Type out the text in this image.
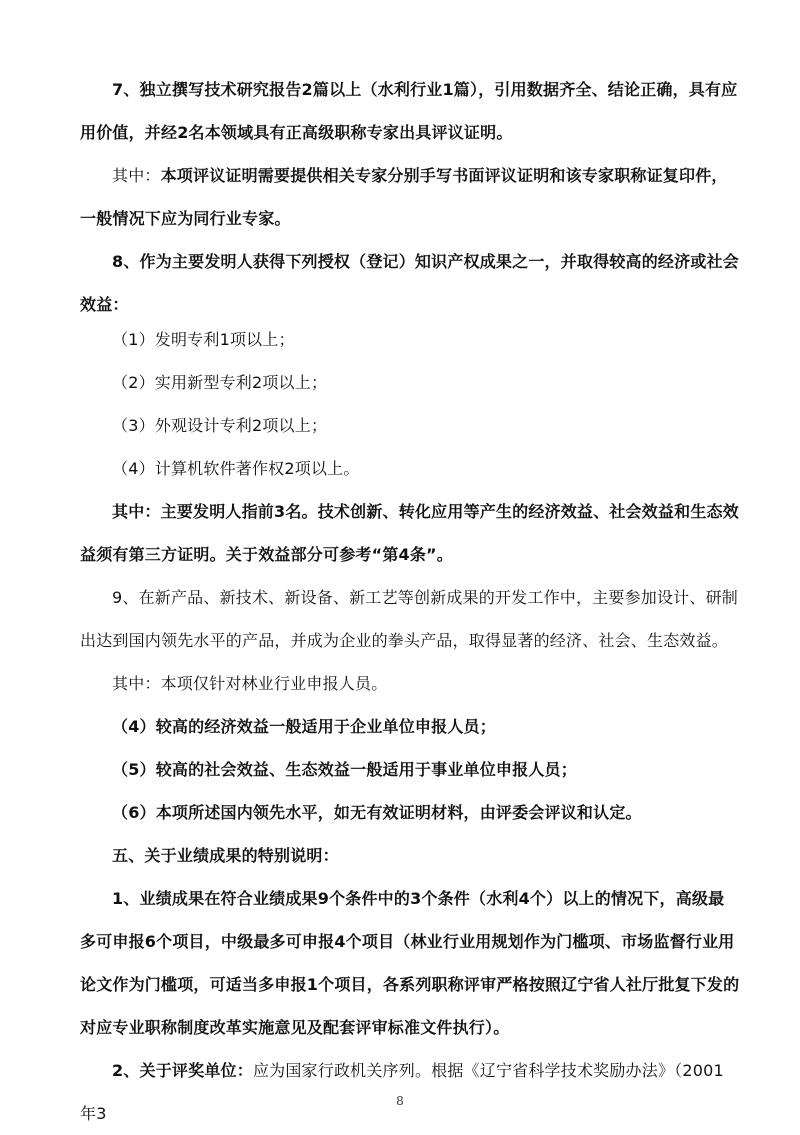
7、独立撰写技术研究报告2篇以上（水利行业1篇），引用数据齐全、结论正确，具有应用价值，并经2名本领域具有正高级职称专家出具评议证明。

其中：本项评议证明需要提供相关专家分别手写书面评议证明和该专家职称证复印件，一般情况下应为同行业专家。

8、作为主要发明人获得下列授权（登记）知识产权成果之一，并取得较高的经济或社会效益：

（1）发明专利1项以上；

（2）实用新型专利2项以上；

（3）外观设计专利2项以上；

（4）计算机软件著作权2项以上。

其中：主要发明人指前3名。技术创新、转化应用等产生的经济效益、社会效益和生态效益须有第三方证明。关于效益部分可参考“第4条”。

9、在新产品、新技术、新设备、新工艺等创新成果的开发工作中，主要参加设计、研制出达到国内领先水平的产品，并成为企业的拳头产品，取得显著的经济、社会、生态效益。

其中：本项仅针对林业行业申报人员。

（4）较高的经济效益一般适用于企业单位申报人员；

（5）较高的社会效益、生态效益一般适用于事业单位申报人员；

（6）本项所述国内领先水平，如无有效证明材料，由评委会评议和认定。

五、关于业绩成果的特别说明：

1、业绩成果在符合业绩成果9个条件中的3个条件（水利4个）以上的情况下，高级最多可申报6个项目，中级最多可申报4个项目（林业行业用规划作为门槛项、市场监督行业用论文作为门槛项，可适当多申报1个项目，各系列职称评审严格按照辽宁省人社厅批复下发的对应专业职称制度改革实施意见及配套评审标准文件执行）。

2、关于评奖单位：应为国家行政机关序列。根据《辽宁省科学技术奖励办法》（2001年3

8
